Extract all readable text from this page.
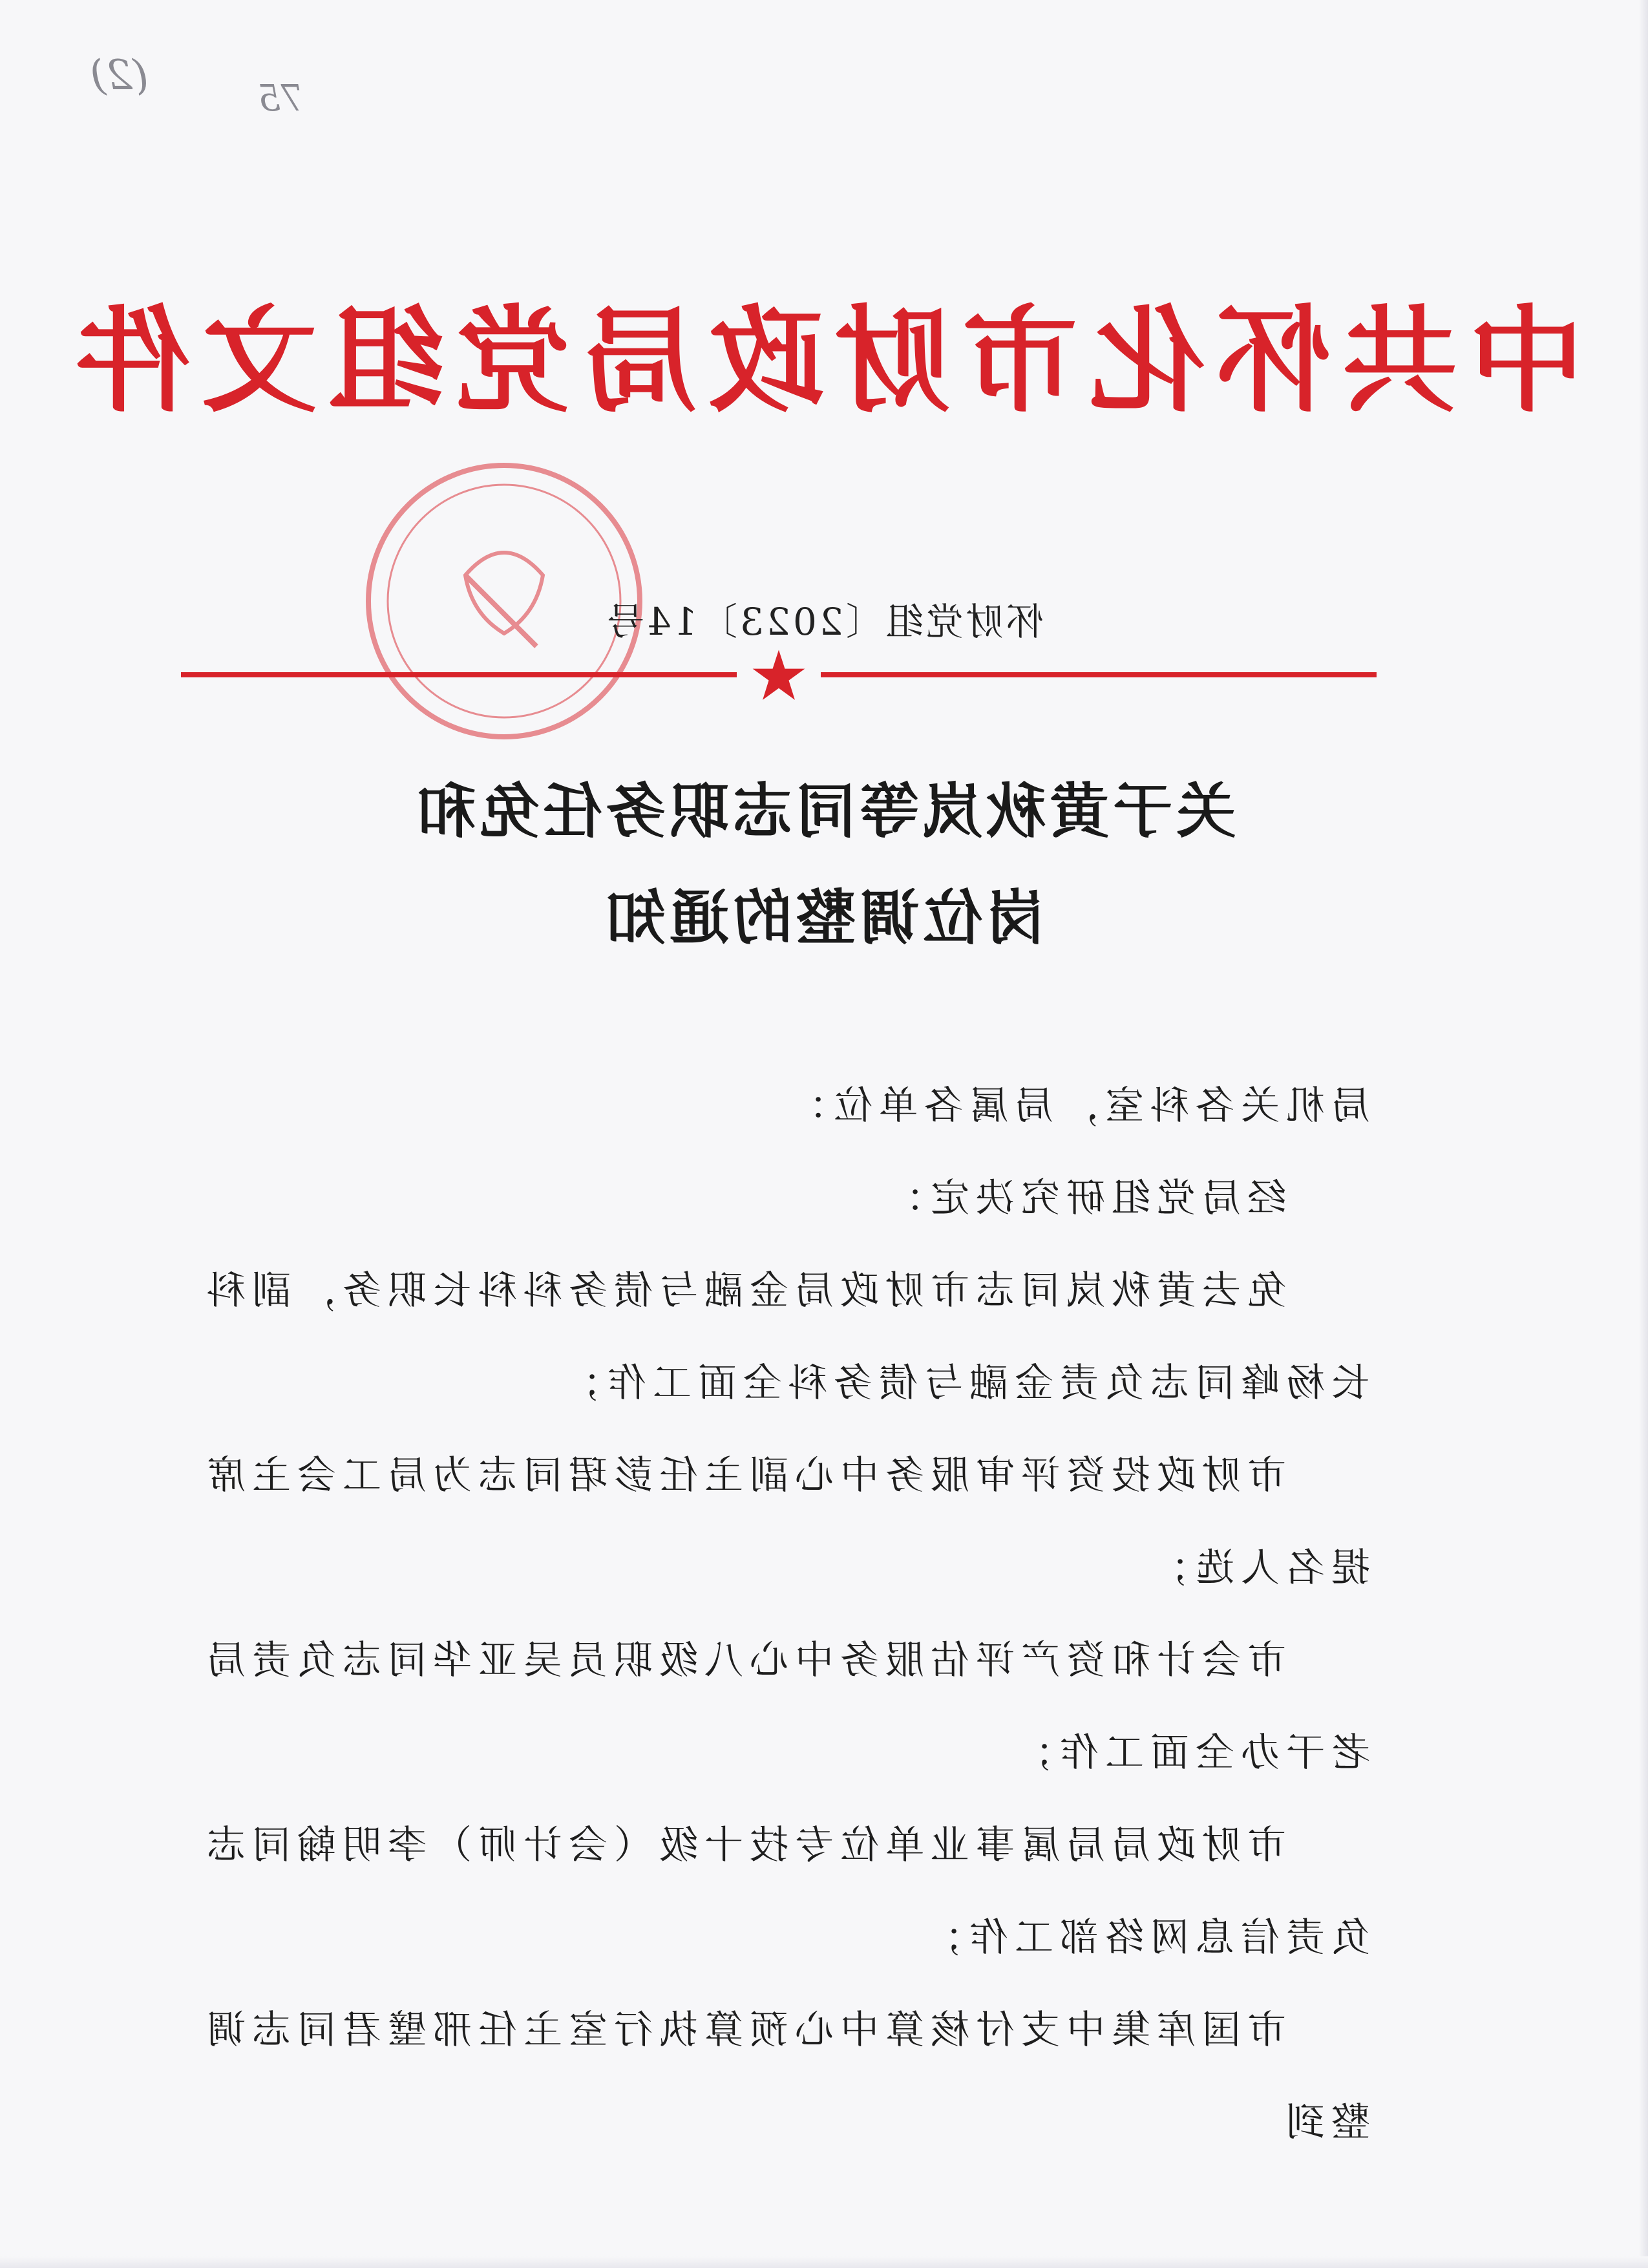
(2)	75
中共怀化市财政局党组文件
怀财党组〔2023〕14号
关于黄秋岚等同志职务任免和
岗位调整的通知

局机关各科室，局属各单位：

经局党组研究决定：

免去黄秋岚同志市财政局金融与债务科科长职务，副科长杨峰同志负责金融与债务科全面工作；

市财政投资评审服务中心副主任彭珺同志为局工会主席提名人选；

市会计和资产评估服务中心八级职员吴亚华同志负责局老干办全面工作；

市财政局局属事业单位专技十级（会计师）李明翰同志负责信息网络部工作；

市国库集中支付核算中心预算执行室主任邢璧君同志调整到
